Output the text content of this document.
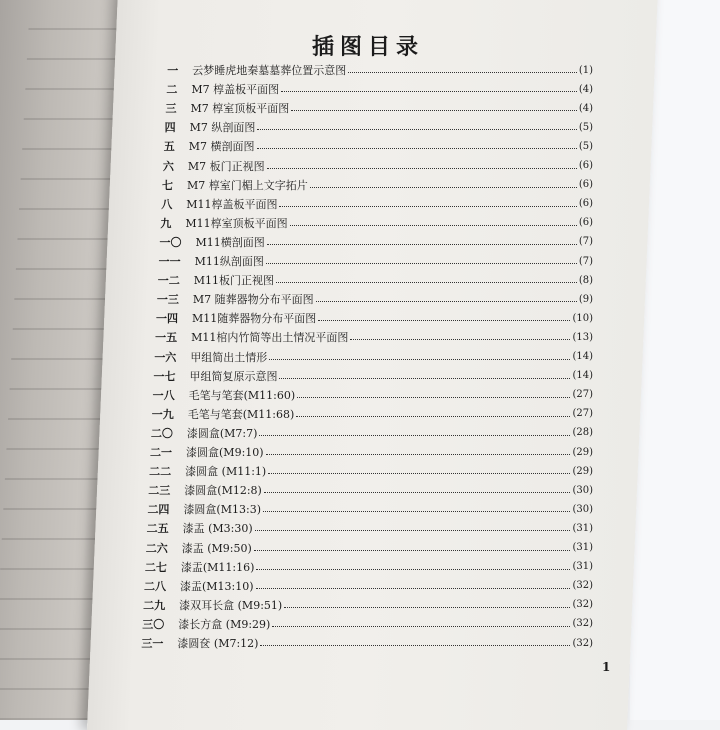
插图目录
一 云梦睡虎地秦墓墓葬位置示意图	(1)
二 M7 椁盖板平面图	(4)
三 M7 椁室顶板平面图	(4)
四 M7 纵剖面图	(5)
五 M7 横剖面图	(5)
六 M7 板门正视图	(6)
七 M7 椁室门楣上文字拓片	(6)
八 M11椁盖板平面图	(6)
九 M11椁室顶板平面图	(6)
一〇 M11横剖面图	(7)
一一 M11纵剖面图	(7)
一二 M11板门正视图	(8)
一三 M7 随葬器物分布平面图	(9)
一四 M11随葬器物分布平面图	(10)
一五 M11棺内竹简等出土情况平面图	(13)
一六 甲组简出土情形	(14)
一七 甲组简复原示意图	(14)
一八 毛笔与笔套(M11:60)	(27)
一九 毛笔与笔套(M11:68)	(27)
二〇 漆圆盒(M7:7)	(28)
二一 漆圆盒(M9:10)	(29)
二二 漆圆盒 (M11:1)	(29)
二三 漆圆盒(M12:8)	(30)
二四 漆圆盒(M13:3)	(30)
二五 漆盂 (M3:30)	(31)
二六 漆盂 (M9:50)	(31)
二七 漆盂(M11:16)	(31)
二八 漆盂(M13:10)	(32)
二九 漆双耳长盒 (M9:51)	(32)
三〇 漆长方盒 (M9:29)	(32)
三一 漆圆奁 (M7:12)	(32)
1
